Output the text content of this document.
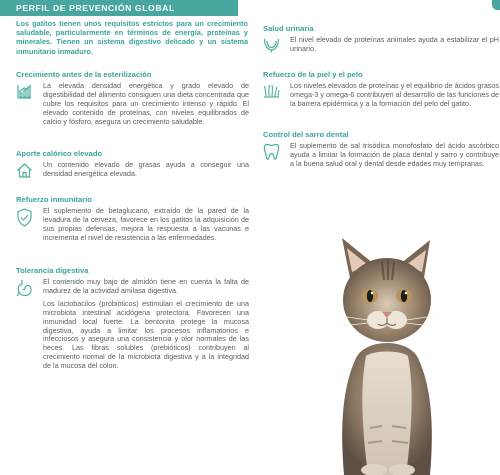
PERFIL DE PREVENCIÓN GLOBAL
Los gatitos tienen unos requisitos estrictos para un crecimiento saludable, particularmente en términos de energía, proteínas y minerales. Tienen un sistema digestivo delicado y un sistema inmunitario inmaduro.
Crecimiento antes de la esterilización

La elevada densidad energética y grado elevado de digestibilidad del alimento consiguen una dieta concentrada que cubre los requisitos para un crecimiento intenso y rápido. El elevado contenido de proteínas, con niveles equilibrados de calcio y fósforo, asegura un crecimiento saludable.

Aporte calórico elevado

Un contenido elevado de grasas ayuda a conseguir una densidad energética elevada.

Refuerzo inmunitario

El suplemento de betaglucano, extraído de la pared de la levadura de la cerveza, favorece en los gatitos la adquisición de sus propias defensas, mejora la respuesta a las vacunas e incrementa el nivel de resistencia a las enfermedades.

Tolerancia digestiva

El contenido muy bajo de almidón tiene en cuenta la falta de madurez de la actividad amilasa digestiva.

Los lactobacilos (probióticos) estimulan el crecimiento de una microbiota intestinal acidógena protectora. Favorecen una inmunidad local fuerte. La bentonita protege la mucosa digestiva, ayuda a limitar los procesos inflamatorios e infecciosos y asegura una consistencia y olor normales de las heces. Las fibras solubles (prebióticos) contribuyen al crecimiento normal de la microbiota digestiva y a la integridad de la mucosa del colon.

Salud urinaria

El nivel elevado de proteínas animales ayuda a estabilizar el pH urinario.

Refuerzo de la piel y el pelo

Los niveles elevados de proteínas y el equilibrio de ácidos grasos omega-3 y omega-6 contribuyen al desarrollo de las funciones de la barrera epidérmica y a la formación del pelo del gatito.

Control del sarro dental

El suplemento de sal trisódica monofosfato del ácido ascórbico ayuda a limitar la formación de placa dental y sarro y contribuye a la buena salud oral y dental desde edades muy tempranas.
